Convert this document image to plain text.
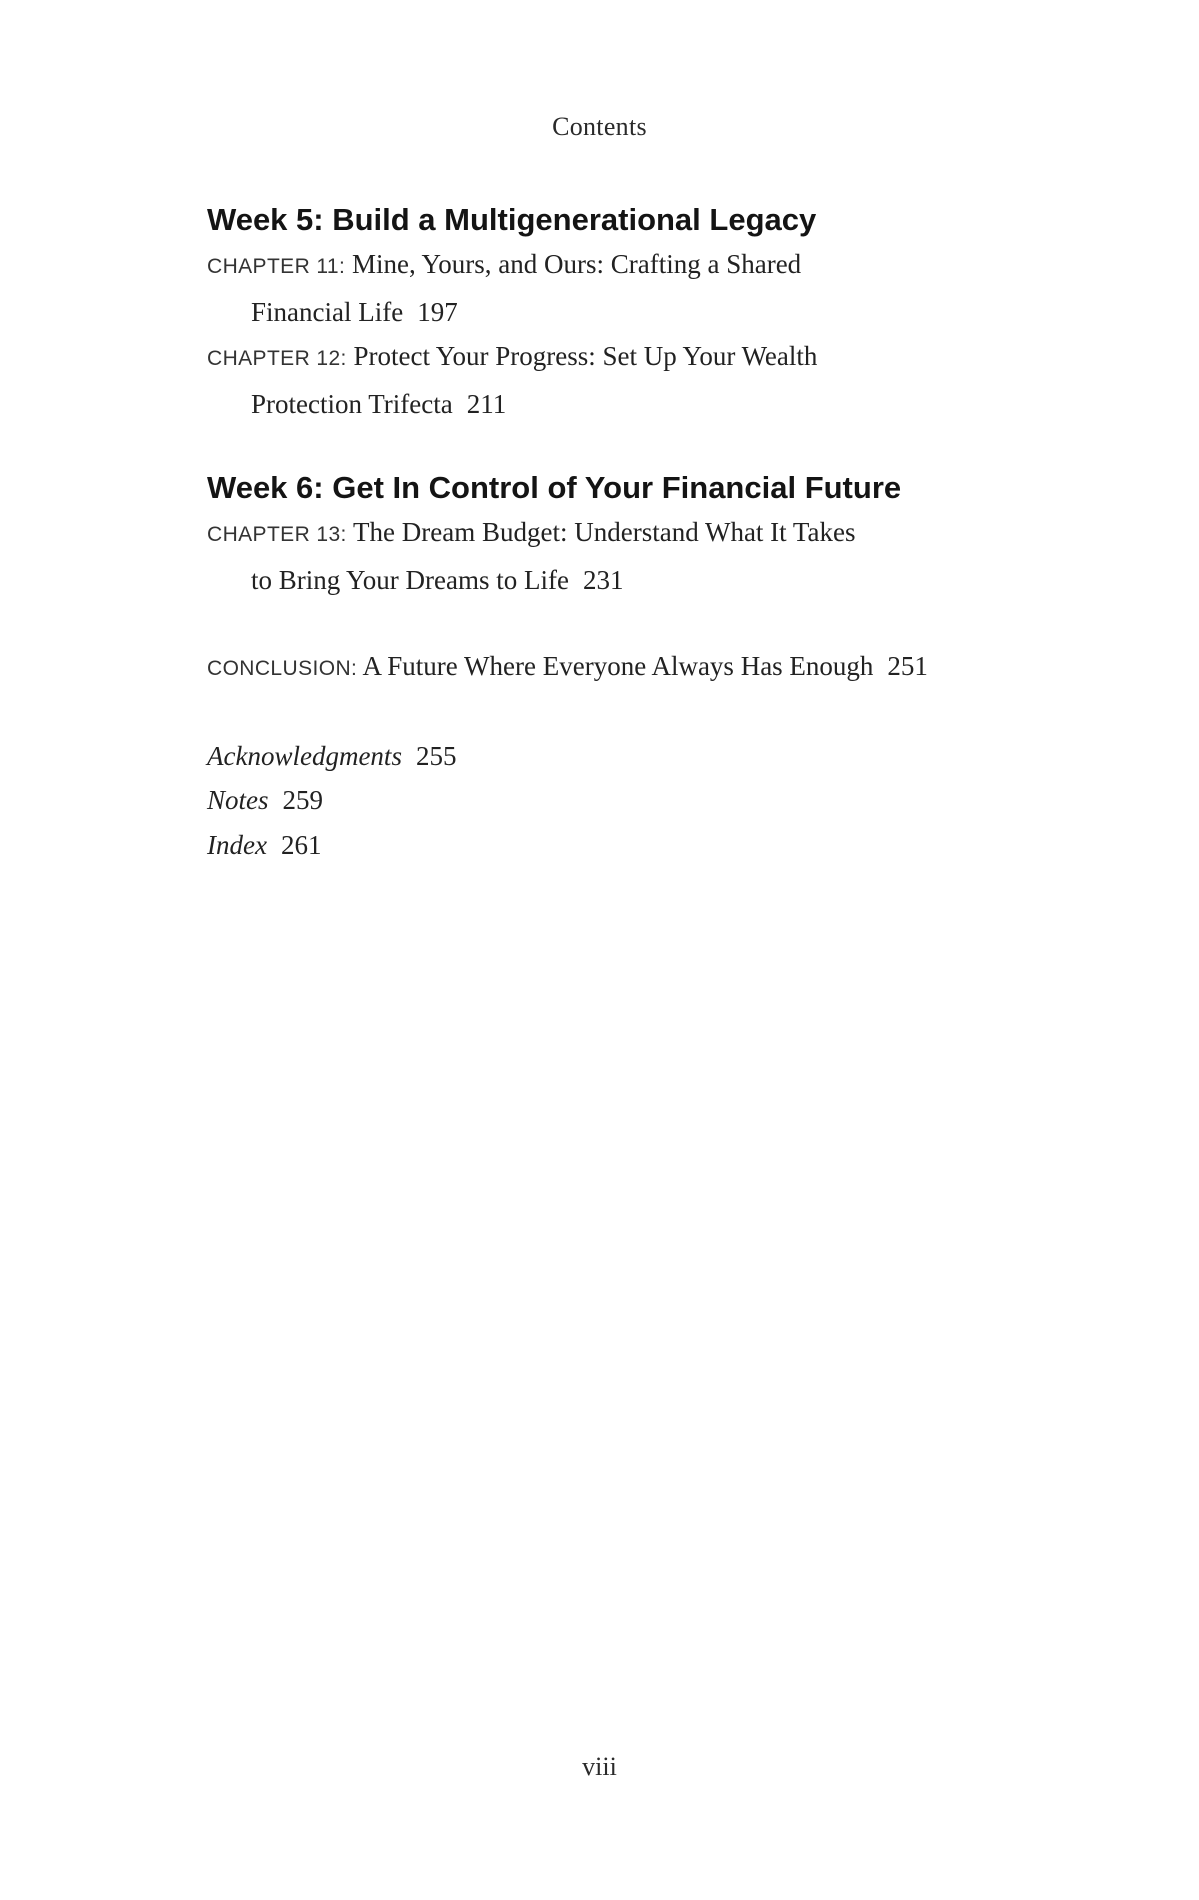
Contents
Week 5: Build a Multigenerational Legacy
CHAPTER 11: Mine, Yours, and Ours: Crafting a Shared
Financial Life 197
CHAPTER 12: Protect Your Progress: Set Up Your Wealth
Protection Trifecta 211
Week 6: Get In Control of Your Financial Future
CHAPTER 13: The Dream Budget: Understand What It Takes
to Bring Your Dreams to Life 231
CONCLUSION: A Future Where Everyone Always Has Enough 251
Acknowledgments 255
Notes 259
Index 261
viii
